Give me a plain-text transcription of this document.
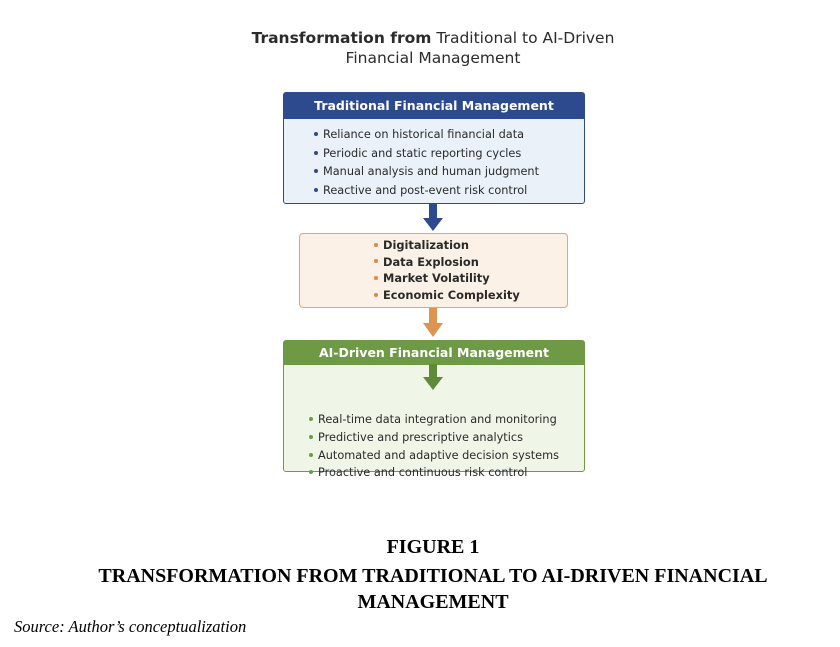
Transformation from Traditional to AI-Driven
Financial Management
Traditional Financial Management
Reliance on historical financial data
Periodic and static reporting cycles
Manual analysis and human judgment
Reactive and post-event risk control
Digitalization
Data Explosion
Market Volatility
Economic Complexity
AI-Driven Financial Management
Real-time data integration and monitoring
Predictive and prescriptive analytics
Automated and adaptive decision systems
Proactive and continuous risk control
FIGURE 1
TRANSFORMATION FROM TRADITIONAL TO AI-DRIVEN FINANCIAL
MANAGEMENT
Source: Author’s conceptualization
